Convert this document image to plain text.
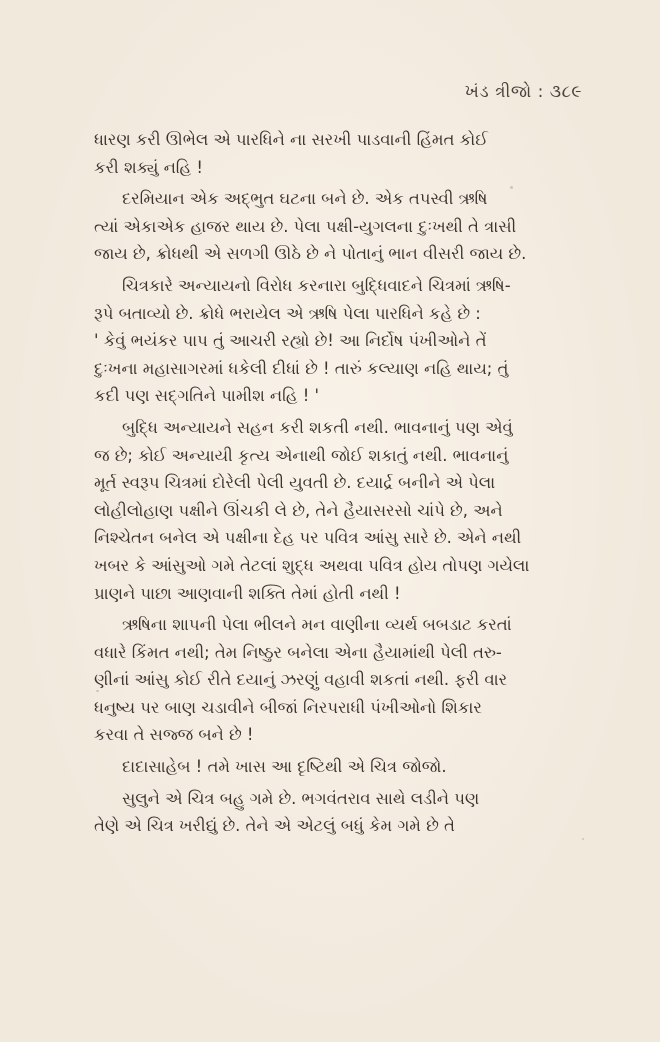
ખંડ ત્રીજો : ૩૮૯
ધારણ કરી ઊભેલ એ પારધિને ના સરખી પાડવાની હિંમત કોઈ
કરી શક્યું નહિ !
દરમિયાન એક અદ્ભુત ઘટના બને છે. એક તપસ્વી ઋષિ
ત્યાં એકાએક હાજર થાય છે. પેલા પક્ષી-યુગલના દુઃખથી તે ત્રાસી
જાય છે, ક્રોધથી એ સળગી ઊઠે છે ને પોતાનું ભાન વીસરી જાય છે.
ચિત્રકારે અન્યાયનો વિરોધ કરનારા બુદ્ધિવાદને ચિત્રમાં ઋષિ-
રૂપે બતાવ્યો છે. ક્રોધે ભરાયેલ એ ઋષિ પેલા પારધિને કહે છે :
' કેવું ભયંકર પાપ તું આચરી રહ્યો છે! આ નિર્દોષ પંખીઓને તેં
દુઃખના મહાસાગરમાં ધકેલી દીધાં છે ! તારું કલ્યાણ નહિ થાય; તું
કદી પણ સદ્ગતિને પામીશ નહિ ! '
બુદ્ધિ અન્યાયને સહન કરી શકતી નથી. ભાવનાનું પણ એવું
જ છે; કોઈ અન્યાયી કૃત્ય એનાથી જોઈ શકાતું નથી. ભાવનાનું
મૂર્ત સ્વરૂપ ચિત્રમાં દોરેલી પેલી યુવતી છે. દયાર્દ્ર બનીને એ પેલા
લોહીલોહાણ પક્ષીને ઊંચકી લે છે, તેને હૈયાસરસો ચાંપે છે, અને
નિશ્ચેતન બનેલ એ પક્ષીના દેહ પર પવિત્ર આંસુ સારે છે. એને નથી
ખબર કે આંસુઓ ગમે તેટલાં શુદ્ધ અથવા પવિત્ર હોય તોપણ ગયેલા
પ્રાણને પાછા આણવાની શક્તિ તેમાં હોતી નથી !
ઋષિના શાપની પેલા ભીલને મન વાણીના વ્યર્થ બબડાટ કરતાં
વધારે કિંમત નથી; તેમ નિષ્ઠુર બનેલા એના હૈયામાંથી પેલી તરુ-
ણીનાં આંસુ કોઈ રીતે દયાનું ઝરણું વહાવી શકતાં નથી. ફરી વાર
ધનુષ્ય પર બાણ ચડાવીને બીજાં નિરપરાધી પંખીઓનો શિકાર
કરવા તે સજ્જ બને છે !
દાદાસાહેબ ! તમે ખાસ આ દૃષ્ટિથી એ ચિત્ર જોજો.
સુલુને એ ચિત્ર બહુ ગમે છે. ભગવંતરાવ સાથે લડીને પણ
તેણે એ ચિત્ર ખરીદ્યું છે. તેને એ એટલું બધું કેમ ગમે છે તે
